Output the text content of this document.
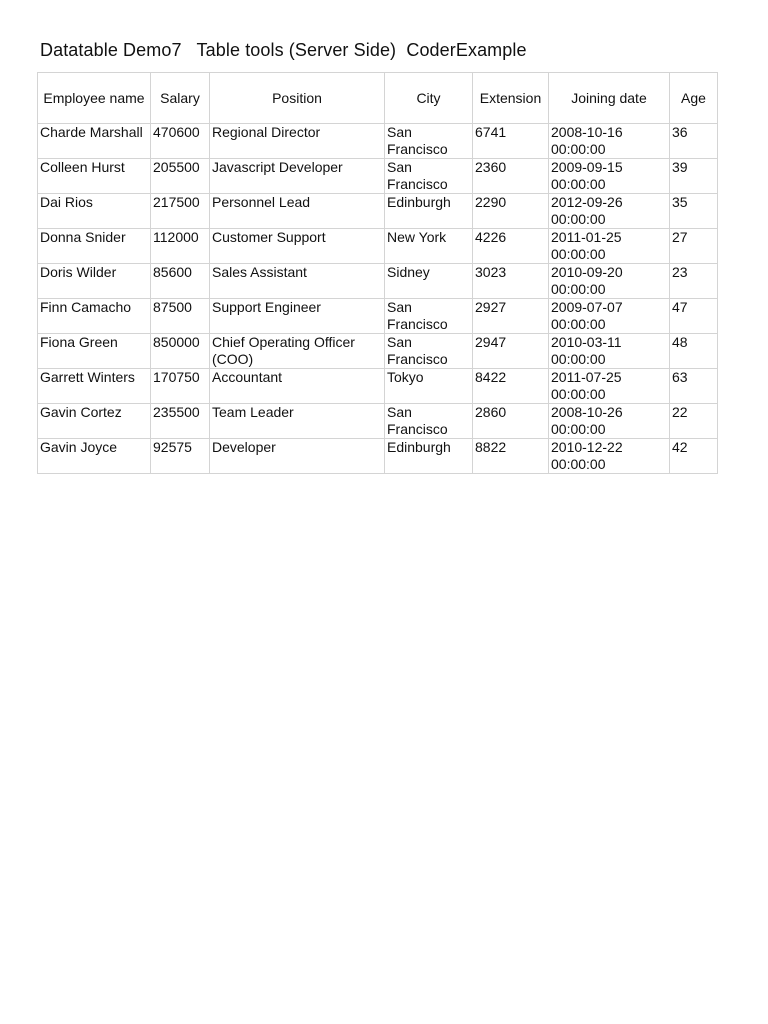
Datatable Demo7   Table tools (Server Side)  CoderExample
Employee name	Salary	Position	City	Extension	Joining date	Age
Charde Marshall	470600	Regional Director	San Francisco	6741	2008-10-16 00:00:00	36
Colleen Hurst	205500	Javascript Developer	San Francisco	2360	2009-09-15 00:00:00	39
Dai Rios	217500	Personnel Lead	Edinburgh	2290	2012-09-26 00:00:00	35
Donna Snider	112000	Customer Support	New York	4226	2011-01-25 00:00:00	27
Doris Wilder	85600	Sales Assistant	Sidney	3023	2010-09-20 00:00:00	23
Finn Camacho	87500	Support Engineer	San Francisco	2927	2009-07-07 00:00:00	47
Fiona Green	850000	Chief Operating Officer (COO)	San Francisco	2947	2010-03-11 00:00:00	48
Garrett Winters	170750	Accountant	Tokyo	8422	2011-07-25 00:00:00	63
Gavin Cortez	235500	Team Leader	San Francisco	2860	2008-10-26 00:00:00	22
Gavin Joyce	92575	Developer	Edinburgh	8822	2010-12-22 00:00:00	42
